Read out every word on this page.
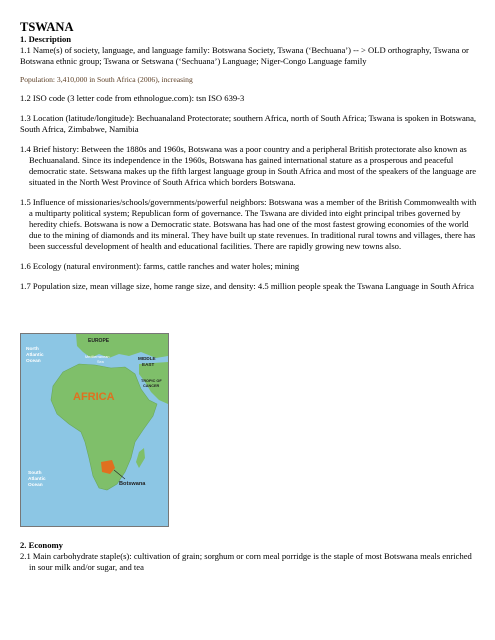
TSWANA

1. Description

1.1 Name(s) of society, language, and language family: Botswana Society, Tswana (‘Bechuana’) -- > OLD orthography, Tswana or Botswana ethnic group; Tswana or Setswana (‘Sechuana’) Language; Niger-Congo Language family

Population: 3,410,000 in South Africa (2006), increasing

1.2 ISO code (3 letter code from ethnologue.com): tsn ISO 639-3

1.3 Location (latitude/longitude): Bechuanaland Protectorate; southern Africa, north of South Africa; Tswana is spoken in Botswana, South Africa, Zimbabwe, Namibia

1.4 Brief history: Between the 1880s and 1960s, Botswana was a poor country and a peripheral British protectorate also known as Bechuanaland. Since its independence in the 1960s, Botswana has gained international stature as a prosperous and peaceful democratic state. Setswana makes up the fifth largest language group in South Africa and most of the speakers of the language are situated in the North West Province of South Africa which borders Botswana.

1.5 Influence of missionaries/schools/governments/powerful neighbors: Botswana was a member of the British Commonwealth with a multiparty political system; Republican form of governance. The Tswana are divided into eight principal tribes governed by heredity chiefs. Botswana is now a Democratic state. Botswana has had one of the most fastest growing economies of the world due to the mining of diamonds and its mineral. They have built up state revenues. In traditional rural towns and villages, there has been successful development of health and educational facilities. There are rapidly growing new towns also.

1.6 Ecology (natural environment): farms, cattle ranches and water holes; mining

1.7 Population size, mean village size, home range size, and density: 4.5 million people speak the Tswana Language in South Africa

EUROPE
North
Atlantic
Ocean
Mediterranean
Sea
MIDDLE
EAST
TROPIC OF
CANCER
AFRICA
South
Atlantic
Ocean	Botswana

2. Economy

2.1 Main carbohydrate staple(s): cultivation of grain; sorghum or corn meal porridge is the staple of most Botswana meals enriched in sour milk and/or sugar, and tea
